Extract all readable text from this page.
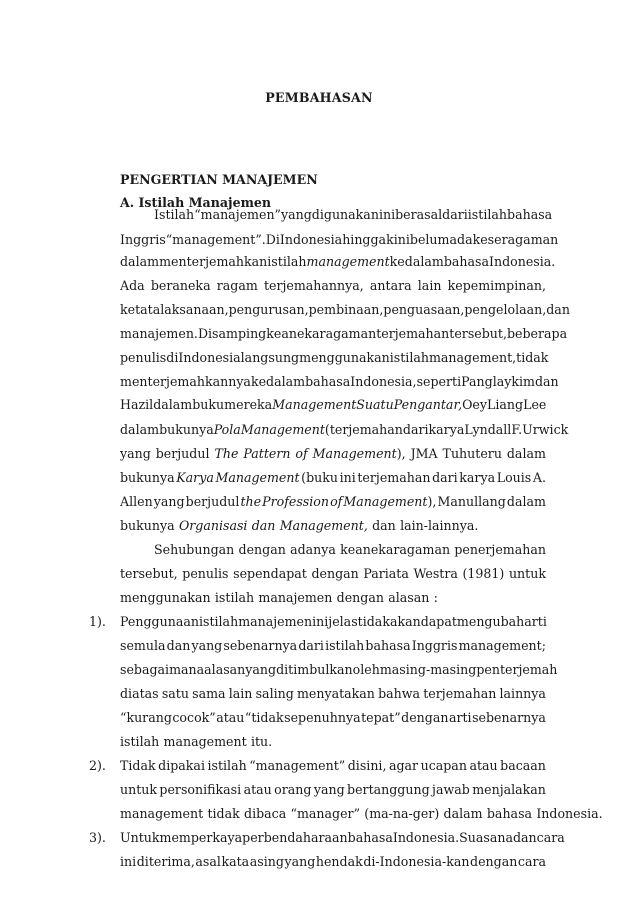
PEMBAHASAN
PENGERTIAN MANAJEMEN
A. Istilah Manajemen
Istilah “manajemen” yang digunakan ini berasal dari istilah bahasa
Inggris “management”. Di Indonesia hingga kini belum ada keseragaman
dalam menterjemahkan istilah management kedalam bahasa Indonesia.
Ada beraneka ragam terjemahannya, antara lain kepemimpinan,
ketatalaksanaan, pengurusan, pembinaan, penguasaan, pengelolaan, dan
manajemen. Disamping keanekaragaman terjemahan tersebut, beberapa
penulis di Indonesia langsung menggunakan istilah management, tidak
menterjemahkannya kedalam bahasa Indonesia, seperti Panglaykim dan
Hazil dalam buku mereka Management Suatu Pengantar, Oey Liang Lee
dalam bukunya Pola Management (terjemahan dari karya Lyndall F. Urwick
yang berjudul The Pattern of Management), JMA Tuhuteru dalam
bukunya Karya Management (buku ini terjemahan dari karya Louis A.
Allen yang berjudul the Profession of Management), Manullang dalam
bukunya Organisasi dan Management, dan lain-lainnya.
Sehubungan dengan adanya keanekaragaman penerjemahan
tersebut, penulis sependapat dengan Pariata Westra (1981) untuk
menggunakan istilah manajemen dengan alasan :
1). Penggunaan istilah manajemen ini jelas tidak akan dapat mengubah arti
semula dan yang sebenarnya dari istilah bahasa Inggris management;
sebagaimana alas an yang ditimbulkan oleh masing-masing penterjemah
diatas satu sama lain saling menyatakan bahwa terjemahan lainnya
“kurang cocok” atau “tidak sepenuhnya tepat” dengan arti sebenarnya
istilah management itu.
2). Tidak dipakai istilah “management” disini, agar ucapan atau bacaan
untuk personifikasi atau orang yang bertanggung jawab menjalakan
management tidak dibaca “manager” (ma-na-ger) dalam bahasa Indonesia.
3). Untuk memperkaya perbendaharaan bahasa Indonesia. Suasana dan cara
ini diterima, asal kata asing yang hendak di-Indonesia-kan dengan cara
